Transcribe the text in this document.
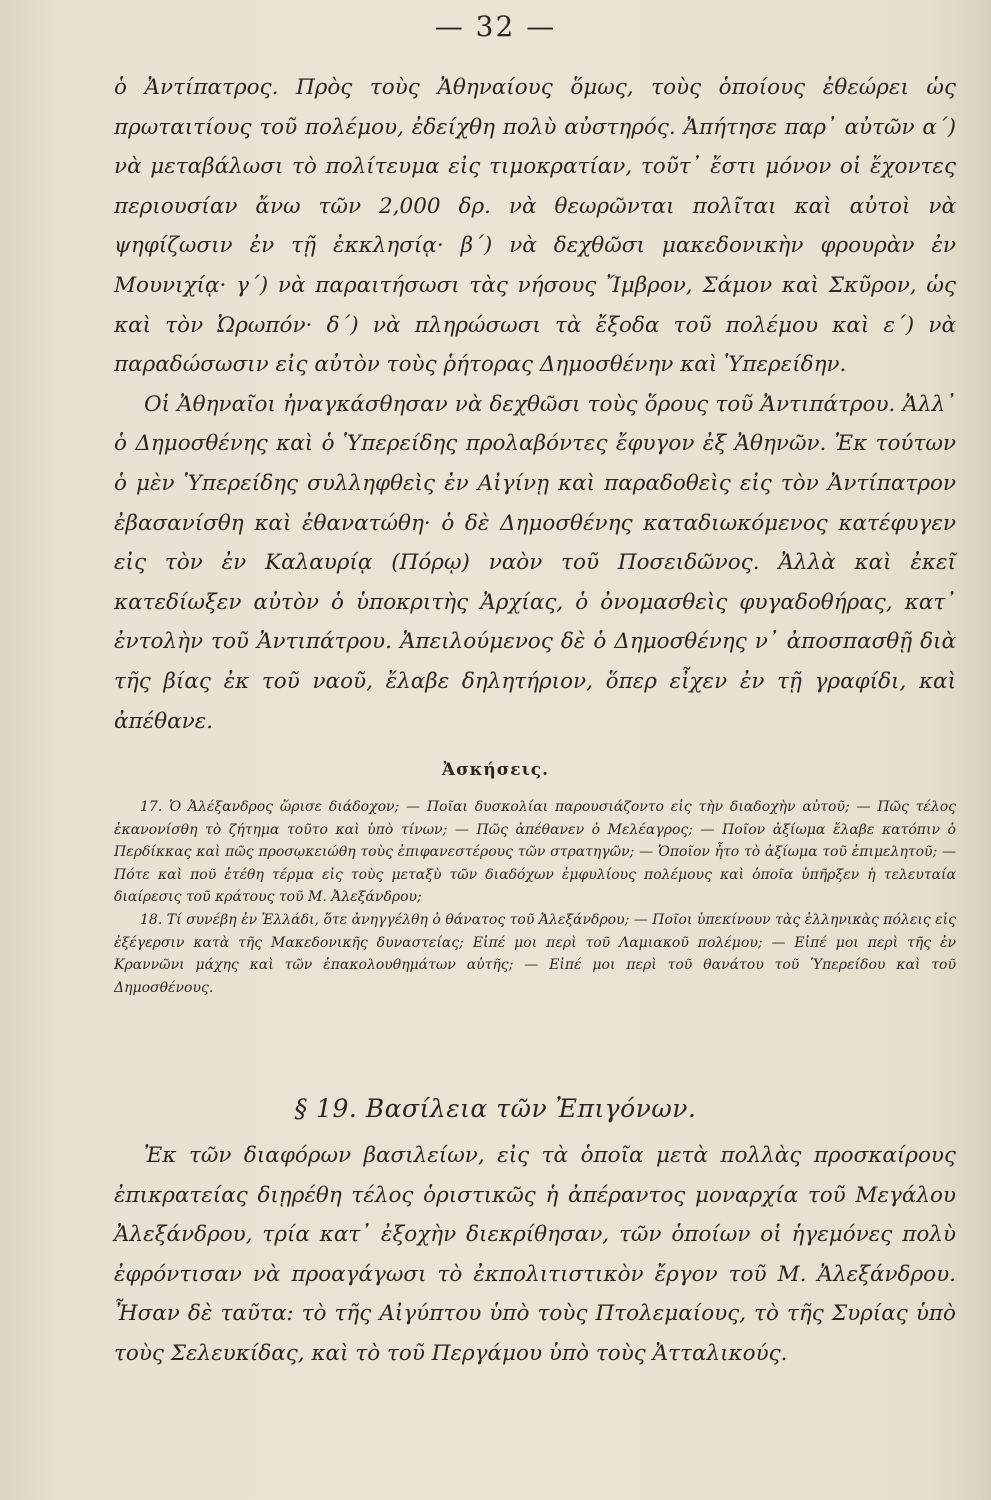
— 32 —

ὁ Ἀντίπατρος. Πρὸς τοὺς Ἀθηναίους ὅμως, τοὺς ὁποίους ἐθεώρει ὡς πρωταιτίους τοῦ πολέμου, ἐδείχθη πολὺ αὐστηρός. Ἀπήτησε παρ᾽ αὐτῶν α΄) νὰ μεταβάλωσι τὸ πολίτευμα εἰς τιμοκρατίαν, τοῦτ᾽ ἔστι μόνον οἱ ἔχοντες περιουσίαν ἄνω τῶν 2,000 δρ. νὰ θεωρῶνται πολῖται καὶ αὐτοὶ νὰ ψηφίζωσιν ἐν τῇ ἐκκλησίᾳ· β΄) νὰ δεχθῶσι μακεδονικὴν φρουρὰν ἐν Μουνιχίᾳ· γ΄) νὰ παραιτήσωσι τὰς νήσους Ἴμβρον, Σάμον καὶ Σκῦρον, ὡς καὶ τὸν Ὠρωπόν· δ΄) νὰ πληρώσωσι τὰ ἔξοδα τοῦ πολέμου καὶ ε΄) νὰ παραδώσωσιν εἰς αὐτὸν τοὺς ῥήτορας Δημοσθένην καὶ Ὑπερείδην.

Οἱ Ἀθηναῖοι ἠναγκάσθησαν νὰ δεχθῶσι τοὺς ὅρους τοῦ Ἀντιπάτρου. Ἀλλ᾽ ὁ Δημοσθένης καὶ ὁ Ὑπερείδης προλαβόντες ἔφυγον ἐξ Ἀθηνῶν. Ἐκ τούτων ὁ μὲν Ὑπερείδης συλληφθεὶς ἐν Αἰγίνῃ καὶ παραδοθεὶς εἰς τὸν Ἀντίπατρον ἐβασανίσθη καὶ ἐθανατώθη· ὁ δὲ Δημοσθένης καταδιωκόμενος κατέφυγεν εἰς τὸν ἐν Καλαυρίᾳ (Πόρῳ) ναὸν τοῦ Ποσειδῶνος. Ἀλλὰ καὶ ἐκεῖ κατεδίωξεν αὐτὸν ὁ ὑποκριτὴς Ἀρχίας, ὁ ὀνομασθεὶς φυγαδοθήρας, κατ᾽ ἐντολὴν τοῦ Ἀντιπάτρου. Ἀπειλούμενος δὲ ὁ Δημοσθένης ν᾽ ἀποσπασθῇ διὰ τῆς βίας ἐκ τοῦ ναοῦ, ἔλαβε δηλητήριον, ὅπερ εἶχεν ἐν τῇ γραφίδι, καὶ ἀπέθανε.

Ἀσκήσεις.

17. Ὁ Ἀλέξανδρος ὥρισε διάδοχον; — Ποῖαι δυσκολίαι παρουσιάζοντο εἰς τὴν διαδοχὴν αὐτοῦ; — Πῶς τέλος ἐκανονίσθη τὸ ζήτημα τοῦτο καὶ ὑπὸ τίνων; — Πῶς ἀπέθανεν ὁ Μελέαγρος; — Ποῖον ἀξίωμα ἔλαβε κατόπιν ὁ Περδίκκας καὶ πῶς προσῳκειώθη τοὺς ἐπιφανεστέρους τῶν στρατηγῶν; — Ὁποῖον ἦτο τὸ ἀξίωμα τοῦ ἐπιμελητοῦ; — Πότε καὶ ποῦ ἐτέθη τέρμα εἰς τοὺς μεταξὺ τῶν διαδόχων ἐμφυλίους πολέμους καὶ ὁποῖα ὑπῆρξεν ἡ τελευταία διαίρεσις τοῦ κράτους τοῦ Μ. Ἀλεξάνδρου;

18. Τί συνέβη ἐν Ἑλλάδι, ὅτε ἀνηγγέλθη ὁ θάνατος τοῦ Ἀλεξάνδρου; — Ποῖοι ὑπεκίνουν τὰς ἑλληνικὰς πόλεις εἰς ἐξέγερσιν κατὰ τῆς Μακεδονικῆς δυναστείας; Εἰπέ μοι περὶ τοῦ Λαμιακοῦ πολέμου; — Εἰπέ μοι περὶ τῆς ἐν Κραννῶνι μάχης καὶ τῶν ἐπακολουθημάτων αὐτῆς; — Εἰπέ μοι περὶ τοῦ θανάτου τοῦ Ὑπερείδου καὶ τοῦ Δημοσθένους.

§ 19. Βασίλεια τῶν Ἐπιγόνων.

Ἐκ τῶν διαφόρων βασιλείων, εἰς τὰ ὁποῖα μετὰ πολλὰς προσκαίρους ἐπικρατείας διῃρέθη τέλος ὁριστικῶς ἡ ἀπέραντος μοναρχία τοῦ Μεγάλου Ἀλεξάνδρου, τρία κατ᾽ ἐξοχὴν διεκρίθησαν, τῶν ὁποίων οἱ ἡγεμόνες πολὺ ἐφρόντισαν νὰ προαγάγωσι τὸ ἐκπολιτιστικὸν ἔργον τοῦ Μ. Ἀλεξάνδρου. Ἦσαν δὲ ταῦτα: τὸ τῆς Αἰγύπτου ὑπὸ τοὺς Πτολεμαίους, τὸ τῆς Συρίας ὑπὸ τοὺς Σελευκίδας, καὶ τὸ τοῦ Περγάμου ὑπὸ τοὺς Ἀτταλικούς.
